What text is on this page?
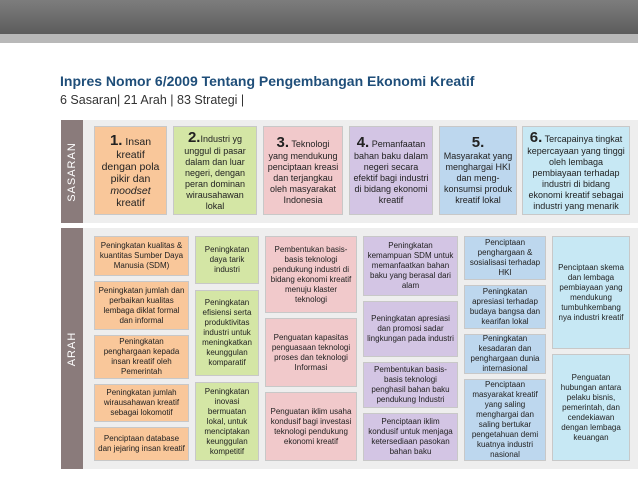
Inpres Nomor 6/2009 Tentang Pengembangan Ekonomi Kreatif
6 Sasaran| 21 Arah | 83 Strategi |
SASARAN
ARAH
1. Insan
kreatif dengan pola pikir dan
moodset
kreatif
2.Industri yg
unggul di pasar dalam dan luar negeri, dengan peran dominan wirausahawan lokal
3. Teknologi
yang mendukung penciptaan kreasi dan terjangkau oleh masyarakat Indonesia
4. Pemanfaatan
bahan baku dalam negeri secara efektif bagi industri di bidang ekonomi kreatif
5.
Masyarakat yang menghargai HKI dan meng-konsumsi produk kreatif lokal
6. Tercapainya tingkat
kepercayaan yang tinggi oleh lembaga pembiayaan terhadap industri di bidang ekonomi kreatif sebagai industri yang menarik
Peningkatan kualitas & kuantitas Sumber Daya Manusia (SDM)
Peningkatan jumlah dan perbaikan kualitas lembaga diklat formal dan informal
Peningkatan penghargaan kepada insan kreatif oleh Pemerintah
Peningkatan jumlah wirausahawan kreatif sebagai lokomotif
Penciptaan database dan jejaring insan kreatif
Peningkatan daya tarik industri
Peningkatan efisiensi serta produktivitas industri untuk meningkatkan keunggulan komparatif
Peningkatan inovasi bermuatan lokal, untuk menciptakan keunggulan kompetitif
Pembentukan basis-basis teknologi pendukung industri di bidang ekonomi kreatif menuju klaster teknologi
Penguatan kapasitas penguasaan teknologi proses dan teknologi Informasi
Penguatan iklim usaha kondusif bagi investasi teknologi pendukung ekonomi kreatif
Peningkatan kemampuan SDM untuk memanfaatkan bahan baku yang berasal dari alam
Peningkatan apresiasi dan promosi sadar lingkungan pada industri
Pembentukan basis-basis teknologi penghasil bahan baku pendukung Industri
Penciptaan iklim kondusif untuk menjaga ketersediaan pasokan bahan baku
Penciptaan penghargaan & sosialisasi terhadap HKI
Peningkatan apresiasi terhadap budaya bangsa dan kearifan lokal
Peningkatan kesadaran dan penghargaan dunia internasional
Penciptaan masyarakat kreatif yang saling menghargai dan saling bertukar pengetahuan demi kuatnya industri nasional
Penciptaan skema dan lembaga pembiayaan yang mendukung tumbuhkembang nya industri kreatif
Penguatan hubungan antara pelaku bisnis, pemerintah, dan cendekiawan dengan lembaga keuangan
